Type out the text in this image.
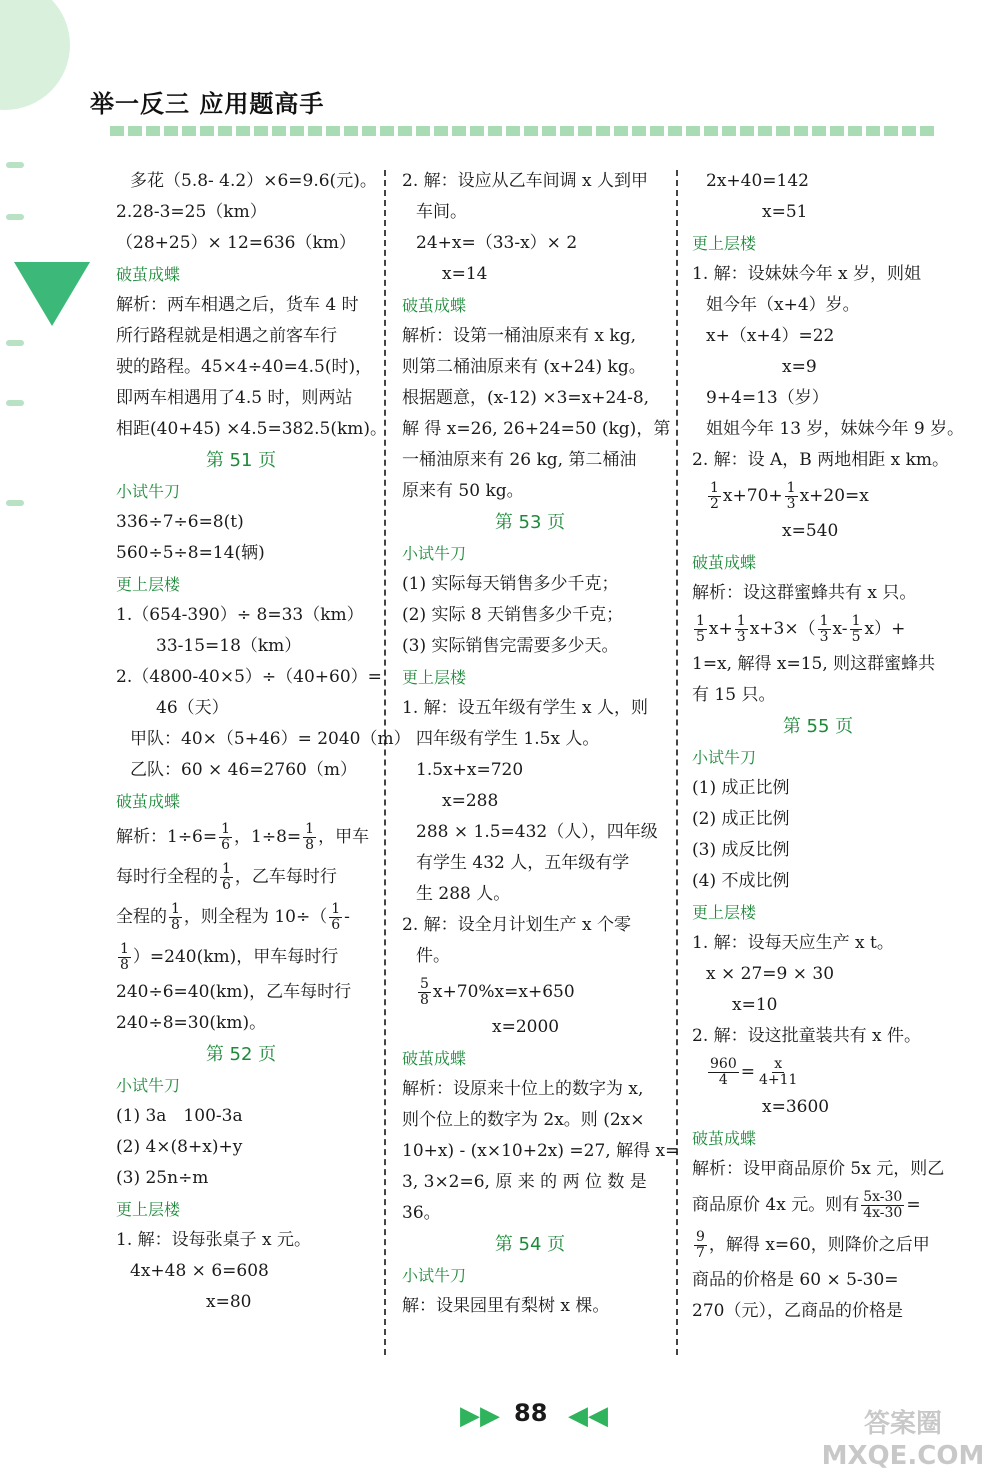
举一反三 应用题高手
多花（5.8- 4.2）×6=9.6(元)。
2.28-3=25（km）
（28+25）× 12=636（km）
破茧成蝶
解析：两车相遇之后，货车 4 时
所行路程就是相遇之前客车行
驶的路程。45×4÷40=4.5(时)，
即两车相遇用了4.5 时，则两站
相距(40+45) ×4.5=382.5(km)。
第 51 页
小试牛刀
336÷7÷6=8(t)
560÷5÷8=14(辆)
更上层楼
1.（654-390）÷ 8=33（km）
33-15=18（km）
2.（4800-40×5）÷（40+60）=
46（天）
甲队：40×（5+46）= 2040（m）
乙队：60 × 46=2760（m）
破茧成蝶
解析：$1\div 6= \frac{1}{6}$ ，$1\div 8= \frac{1}{8}$ ，甲车
每时行全程的 $\frac{1}{6}$ ，乙车每时行
全程的 $\frac{1}{8}$ ，则全程为 $10\div( \frac{1}{6}$ -
$\frac{1}{8} )=240(km)$，甲车每时行
240÷6=40(km)，乙车每时行
240÷8=30(km)。
第 52 页
小试牛刀
(1) 3a　100-3a
(2) 4×(8+x)+y
(3) 25n÷m
更上层楼
1. 解：设每张桌子 x 元。
4x+48 × 6=608
x=80
2. 解：设应从乙车间调 x 人到甲
车间。
24+x=（33-x）× 2
x=14
破茧成蝶
解析：设第一桶油原来有 x kg,
则第二桶油原来有 (x+24) kg。
根据题意，(x-12) ×3=x+24-8,
解 得 x=26, 26+24=50 (kg)，第
一桶油原来有 26 kg, 第二桶油
原来有 50 kg。
第 53 页
小试牛刀
(1) 实际每天销售多少千克；
(2) 实际 8 天销售多少千克；
(3) 实际销售完需要多少天。
更上层楼
1. 解：设五年级有学生 x 人，则
四年级有学生 1.5x 人。
1.5x+x=720
x=288
288 × 1.5=432（人），四年级
有学生 432 人，五年级有学
生 288 人。
2. 解：设全月计划生产 x 个零
件。
$\frac{5}{8} x+70\%x=x+650$
x=2000
破茧成蝶
解析：设原来十位上的数字为 x,
则个位上的数字为 2x。则 (2x×
10+x) - (x×10+2x) =27, 解得 x=
3, 3×2=6, 原 来 的 两 位 数 是
36。
第 54 页
小试牛刀
解：设果园里有梨树 x 棵。
2x+40=142
x=51
更上层楼
1. 解：设妹妹今年 x 岁，则姐
姐今年（x+4）岁。
x+（x+4）=22
x=9
9+4=13（岁）
姐姐今年 13 岁，妹妹今年 9 岁。
2. 解：设 A，B 两地相距 x km。
$\frac{1}{2} x+70+ \frac{1}{3} x+20=x$
x=540
破茧成蝶
解析：设这群蜜蜂共有 x 只。
$\frac{1}{5} x+ \frac{1}{3} x+3\times( \frac{1}{3} x- \frac{1}{5} x)+$
1=x, 解得 x=15, 则这群蜜蜂共
有 15 只。
第 55 页
小试牛刀
(1) 成正比例
(2) 成正比例
(3) 成反比例
(4) 不成比例
更上层楼
1. 解：设每天应生产 x t。
x × 27=9 × 30
x=10
2. 解：设这批童装共有 x 件。
$\frac{960}{4} = \frac{x}{4+11}$
x=3600
破茧成蝶
解析：设甲商品原价 5x 元，则乙
商品原价 4x 元。则有 $\frac{5x-30}{4x-30}$ =
$\frac{9}{7}$ ，解得 x=60，则降价之后甲
商品的价格是 60 × 5-30=
270（元），乙商品的价格是
▶▶ 88 ◀◀	答案圈
MXQE.COM
